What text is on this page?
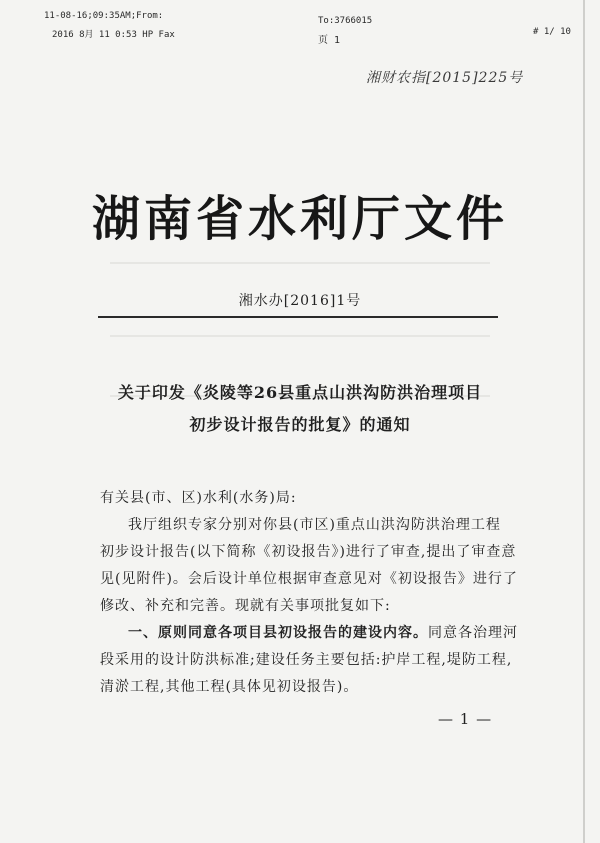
11-08-16;09:35AM;From:
2016 8月 11 0:53 HP Fax
To:3766015
页 1
# 1/ 10
湘财农指[2015]225号
湖南省水利厅文件
湘水办[2016]1号
关于印发《炎陵等26县重点山洪沟防洪治理项目
初步设计报告的批复》的通知
有关县(市、区)水利(水务)局:
我厅组织专家分别对你县(市区)重点山洪沟防洪治理工程
初步设计报告(以下简称《初设报告》)进行了审查,提出了审查意
见(见附件)。会后设计单位根据审查意见对《初设报告》进行了
修改、补充和完善。现就有关事项批复如下:
一、原则同意各项目县初设报告的建设内容。同意各治理河
段采用的设计防洪标准;建设任务主要包括:护岸工程,堤防工程,
清淤工程,其他工程(具体见初设报告)。
— 1 —
